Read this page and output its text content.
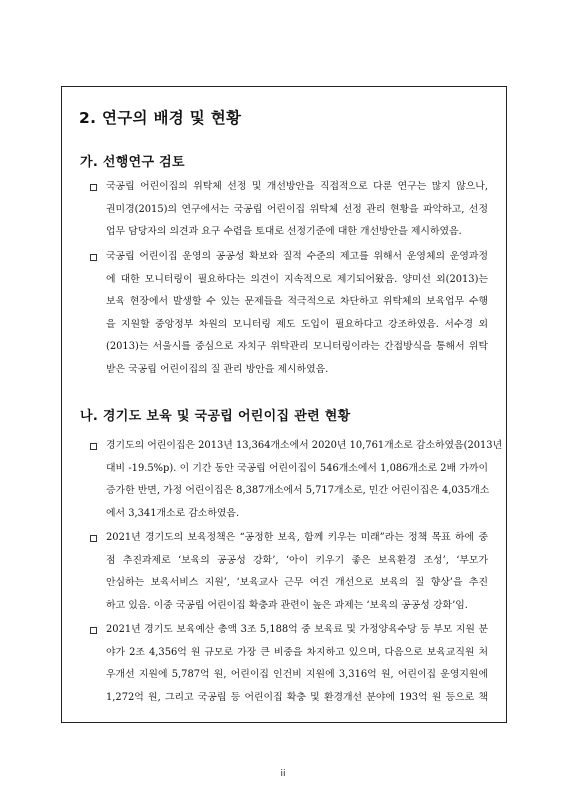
2. 연구의 배경 및 현황
가. 선행연구 검토
국공립 어린이집의 위탁체 선정 및 개선방안을 직접적으로 다룬 연구는 많지 않으나,
권미경(2015)의 연구에서는 국공립 어린이집 위탁체 선정 관리 현황을 파악하고, 선정
업무 담당자의 의견과 요구 수렴을 토대로 선정기준에 대한 개선방안을 제시하였음.
국공립 어린이집 운영의 공공성 확보와 질적 수준의 제고를 위해서 운영체의 운영과정
에 대한 모니터링이 필요하다는 의견이 지속적으로 제기되어왔음. 양미선 외(2013)는
보육 현장에서 발생할 수 있는 문제들을 적극적으로 차단하고 위탁체의 보육업무 수행
을 지원할 중앙정부 차원의 모니터링 제도 도입이 필요하다고 강조하였음. 서수경 외
(2013)는 서울시를 중심으로 자치구 위탁관리 모니터링이라는 간접방식을 통해서 위탁
받은 국공립 어린이집의 질 관리 방안을 제시하였음.
나. 경기도 보육 및 국공립 어린이집 관련 현황
경기도의 어린이집은 2013년 13,364개소에서 2020년 10,761개소로 감소하였음(2013년
대비 -19.5%p). 이 기간 동안 국공립 어린이집이 546개소에서 1,086개소로 2배 가까이
증가한 반면, 가정 어린이집은 8,387개소에서 5,717개소로, 민간 어린이집은 4,035개소
에서 3,341개소로 감소하였음.
2021년 경기도의 보육정책은 “공정한 보육, 함께 키우는 미래”라는 정책 목표 하에 중
점 추진과제로 ‘보육의 공공성 강화’, ‘아이 키우기 좋은 보육환경 조성’, ‘부모가
안심하는 보육서비스 지원’, ‘보육교사 근무 여건 개선으로 보육의 질 향상’을 추진
하고 있음. 이중 국공립 어린이집 확충과 관련이 높은 과제는 ‘보육의 공공성 강화’임.
2021년 경기도 보육예산 총액 3조 5,188억 중 보육료 및 가정양육수당 등 부모 지원 분
야가 2조 4,356억 원 규모로 가장 큰 비중을 차지하고 있으며, 다음으로 보육교직원 처
우개선 지원에 5,787억 원, 어린이집 인건비 지원에 3,316억 원, 어린이집 운영지원에
1,272억 원, 그리고 국공립 등 어린이집 확충 및 환경개선 분야에 193억 원 등으로 책
ii
